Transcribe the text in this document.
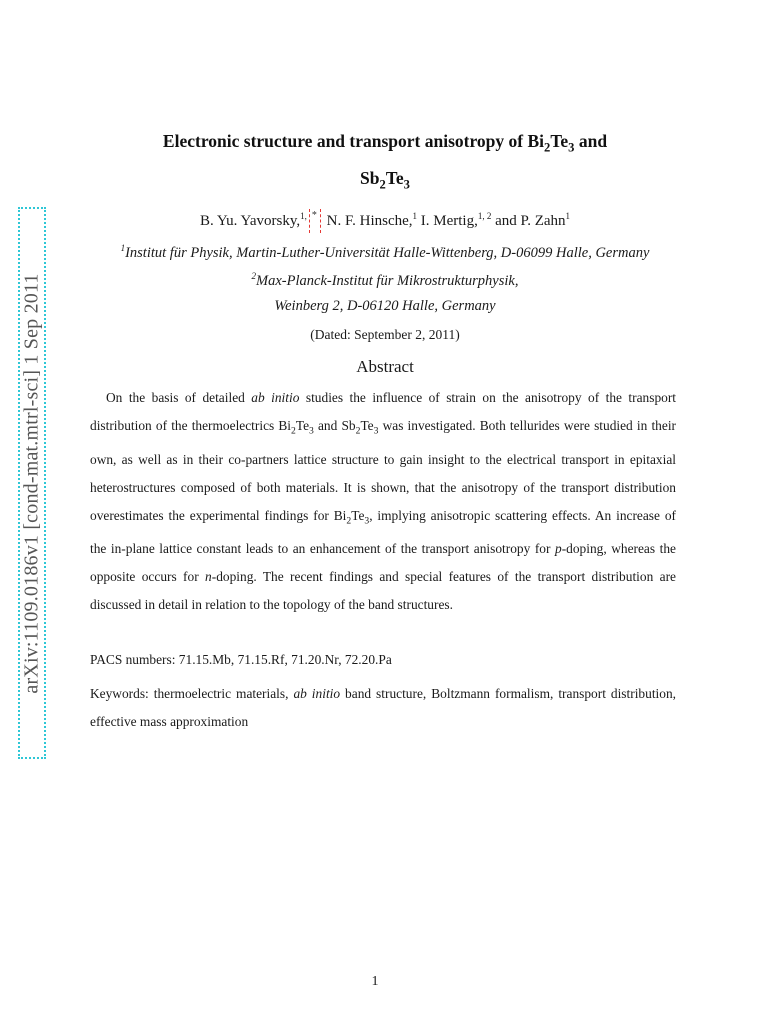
arXiv:1109.0186v1 [cond-mat.mtrl-sci] 1 Sep 2011
Electronic structure and transport anisotropy of $Bi_2Te_3$ and
$Sb_2Te_3$
B. Yu. Yavorsky,$^{1,}$* N. F. Hinsche,$^1$ I. Mertig,$^{1, 2}$ and P. Zahn$^1$
$^1$Institut für Physik, Martin-Luther-Universität Halle-Wittenberg, D-06099 Halle, Germany
$^2$Max-Planck-Institut für Mikrostrukturphysik,
Weinberg 2, D-06120 Halle, Germany
(Dated: September 2, 2011)
Abstract
On the basis of detailed ab initio studies the influence of strain on the anisotropy of the transport distribution of the thermoelectrics $Bi_2Te_3$ and $Sb_2Te_3$ was investigated. Both tellurides were studied in their own, as well as in their co-partners lattice structure to gain insight to the electrical transport in epitaxial heterostructures composed of both materials. It is shown, that the anisotropy of the transport distribution overestimates the experimental findings for $Bi_2Te_3$, implying anisotropic scattering effects. An increase of the in-plane lattice constant leads to an enhancement of the transport anisotropy for p-doping, whereas the opposite occurs for n-doping. The recent findings and special features of the transport distribution are discussed in detail in relation to the topology of the band structures.
PACS numbers: 71.15.Mb, 71.15.Rf, 71.20.Nr, 72.20.Pa
Keywords: thermoelectric materials, ab initio band structure, Boltzmann formalism, transport distribution, effective mass approximation
1
